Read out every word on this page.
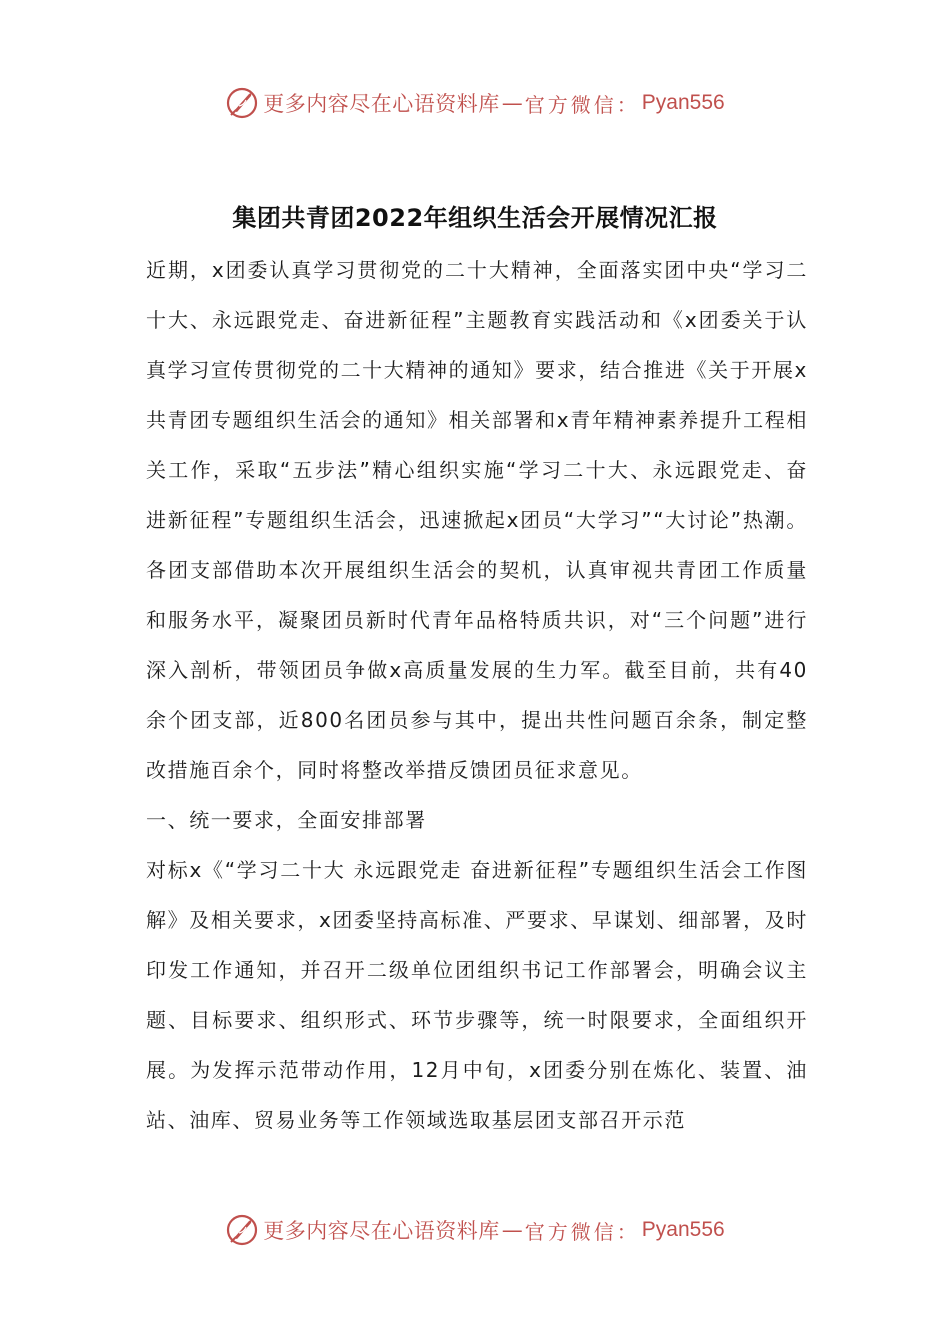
更多内容尽在心语资料库 — 官方微信： Pyan556
集团共青团2022年组织生活会开展情况汇报

近期，x团委认真学习贯彻党的二十大精神，全面落实团中央“学习二十大、永远跟党走、奋进新征程”主题教育实践活动和《x团委关于认真学习宣传贯彻党的二十大精神的通知》要求，结合推进《关于开展x共青团专题组织生活会的通知》相关部署和x青年精神素养提升工程相关工作，采取“五步法”精心组织实施“学习二十大、永远跟党走、奋进新征程”专题组织生活会，迅速掀起x团员“大学习”“大讨论”热潮。各团支部借助本次开展组织生活会的契机，认真审视共青团工作质量和服务水平，凝聚团员新时代青年品格特质共识，对“三个问题”进行深入剖析，带领团员争做x高质量发展的生力军。截至目前，共有40余个团支部，近800名团员参与其中，提出共性问题百余条，制定整改措施百余个，同时将整改举措反馈团员征求意见。

一、统一要求，全面安排部署

对标x《“学习二十大 永远跟党走 奋进新征程”专题组织生活会工作图解》及相关要求，x团委坚持高标准、严要求、早谋划、细部署，及时印发工作通知，并召开二级单位团组织书记工作部署会，明确会议主题、目标要求、组织形式、环节步骤等，统一时限要求，全面组织开展。为发挥示范带动作用，12月中旬，x团委分别在炼化、装置、油站、油库、贸易业务等工作领域选取基层团支部召开示范

更多内容尽在心语资料库 — 官方微信： Pyan556
